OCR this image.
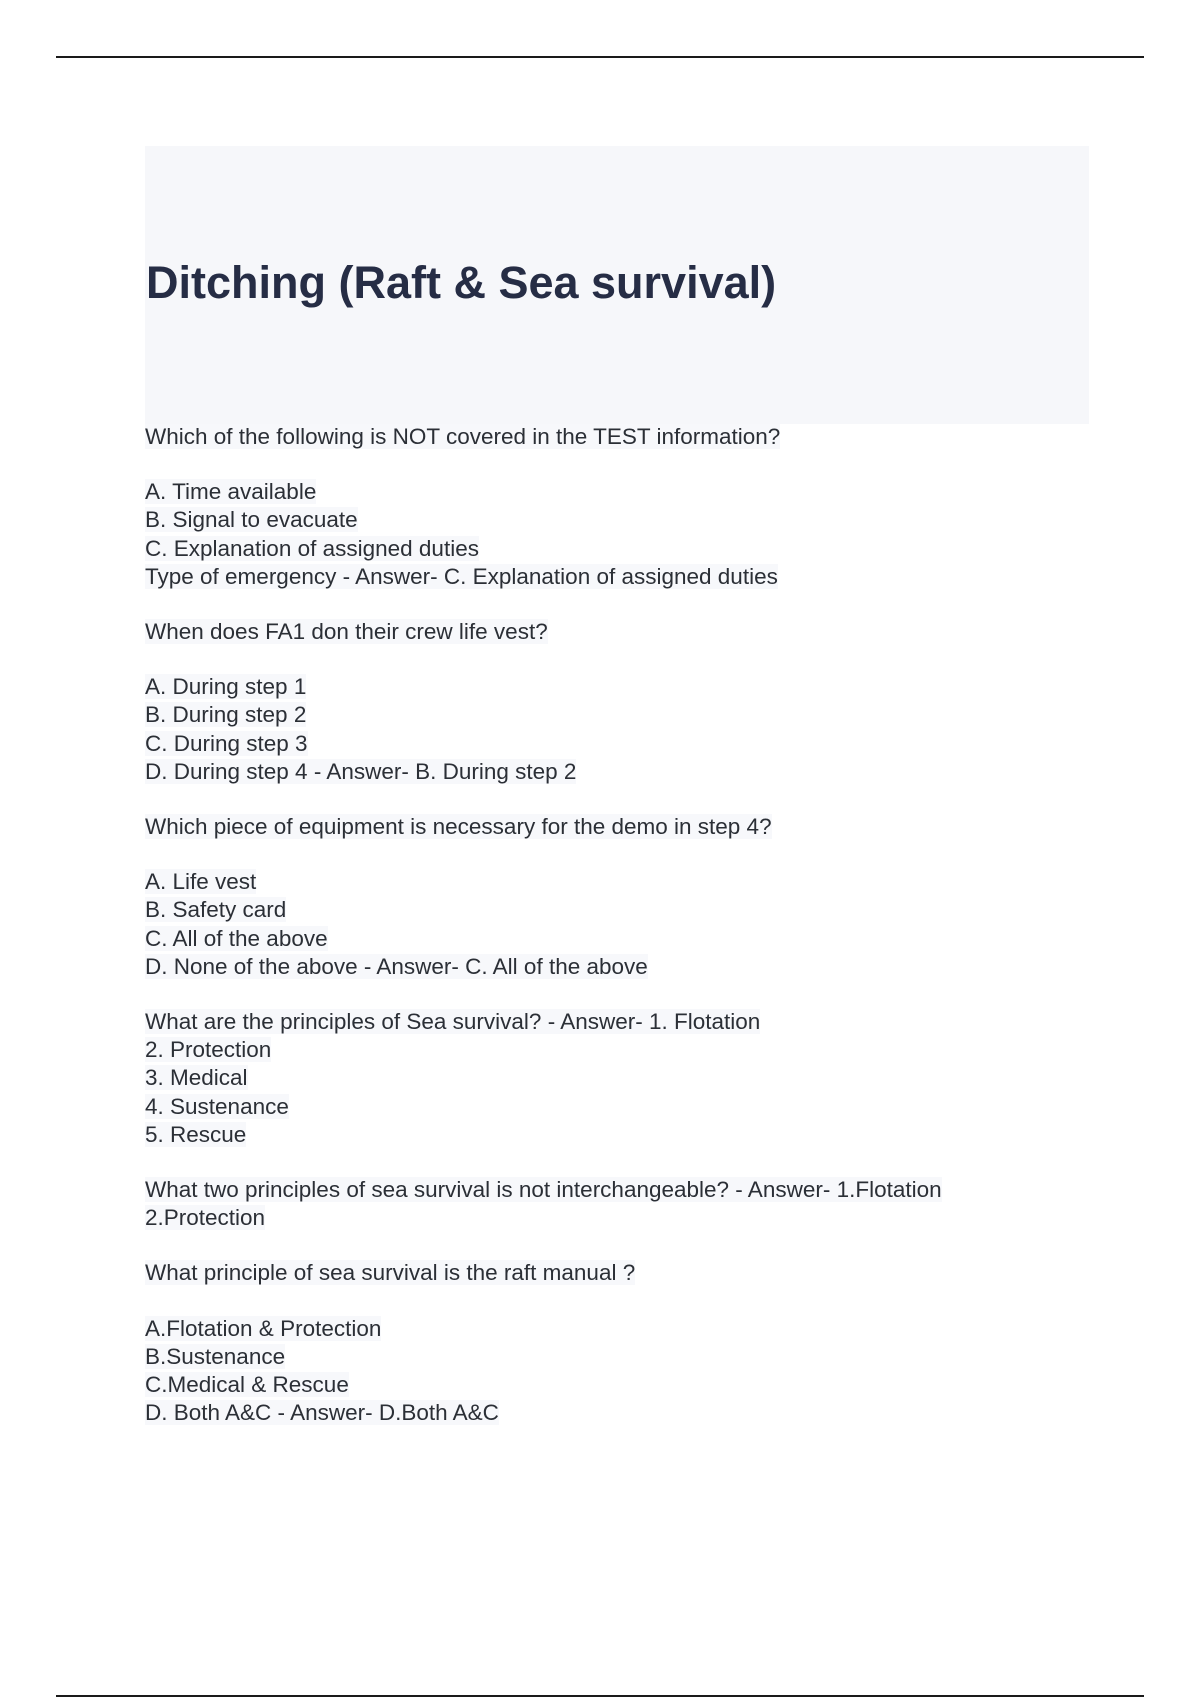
Ditching (Raft & Sea survival)
Which of the following is NOT covered in the TEST information?
A. Time available
B. Signal to evacuate
C. Explanation of assigned duties
Type of emergency - Answer- C. Explanation of assigned duties
When does FA1 don their crew life vest?
A. During step 1
B. During step 2
C. During step 3
D. During step 4 - Answer- B. During step 2
Which piece of equipment is necessary for the demo in step 4?
A. Life vest
B. Safety card
C. All of the above
D. None of the above - Answer- C. All of the above
What are the principles of Sea survival? - Answer- 1. Flotation
2. Protection
3. Medical
4. Sustenance
5. Rescue
What two principles of sea survival is not interchangeable? - Answer- 1.Flotation
2.Protection
What principle of sea survival is the raft manual ?
A.Flotation & Protection
B.Sustenance
C.Medical & Rescue
D. Both A&C - Answer- D.Both A&C
